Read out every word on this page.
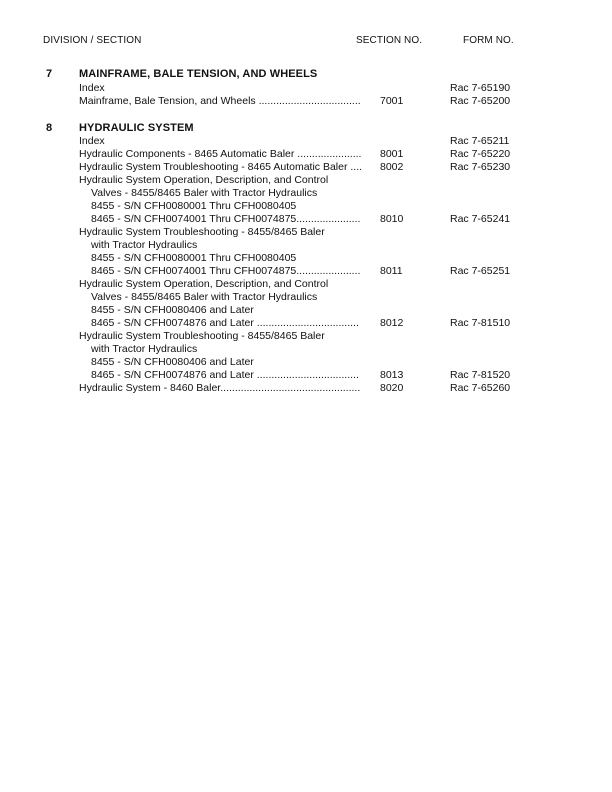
DIVISION / SECTION	SECTION NO.	FORM NO.
7 MAINFRAME, BALE TENSION, AND WHEELS
Index	Rac 7-65190
Mainframe, Bale Tension, and Wheels ................................... 7001	Rac 7-65200
8 HYDRAULIC SYSTEM
Index	Rac 7-65211
Hydraulic Components - 8465 Automatic Baler ...................... 8001	Rac 7-65220
Hydraulic System Troubleshooting - 8465 Automatic Baler .... 8002	Rac 7-65230
Hydraulic System Operation, Description, and Control
Valves - 8455/8465 Baler with Tractor Hydraulics
8455 - S/N CFH0080001 Thru CFH0080405
8465 - S/N CFH0074001 Thru CFH0074875...................... 8010	Rac 7-65241
Hydraulic System Troubleshooting - 8455/8465 Baler
with Tractor Hydraulics
8455 - S/N CFH0080001 Thru CFH0080405
8465 - S/N CFH0074001 Thru CFH0074875...................... 8011	Rac 7-65251
Hydraulic System Operation, Description, and Control
Valves - 8455/8465 Baler with Tractor Hydraulics
8455 - S/N CFH0080406 and Later
8465 - S/N CFH0074876 and Later ................................... 8012	Rac 7-81510
Hydraulic System Troubleshooting - 8455/8465 Baler
with Tractor Hydraulics
8455 - S/N CFH0080406 and Later
8465 - S/N CFH0074876 and Later ................................... 8013	Rac 7-81520
Hydraulic System - 8460 Baler................................................ 8020	Rac 7-65260
